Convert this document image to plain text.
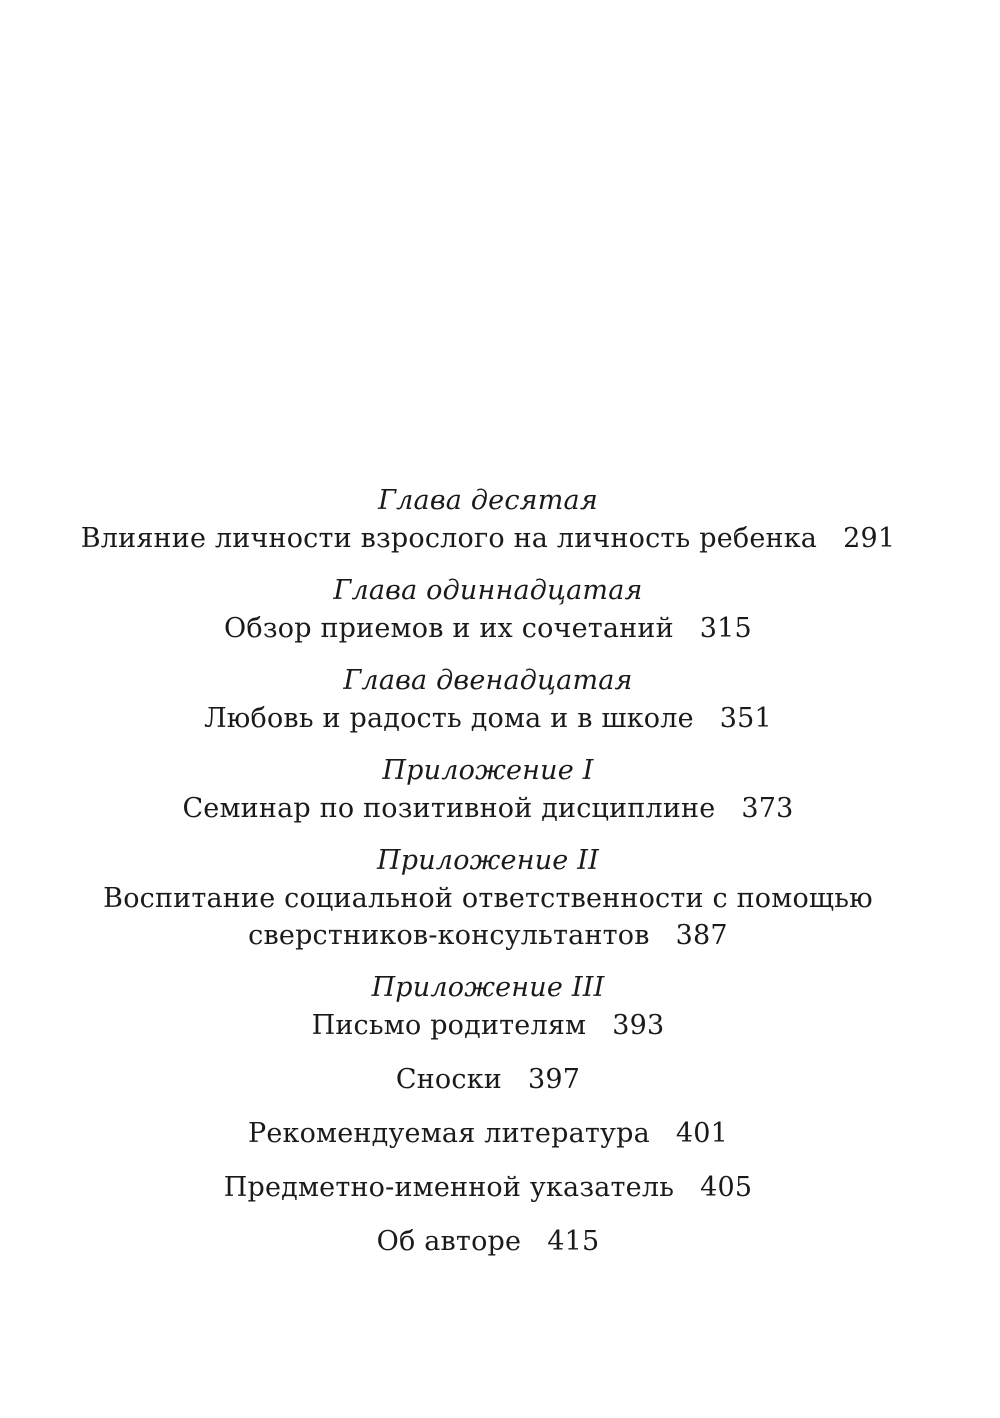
Глава десятая
Влияние личности взрослого на личность ребенка 291
Глава одиннадцатая
Обзор приемов и их сочетаний 315
Глава двенадцатая
Любовь и радость дома и в школе 351
Приложение I
Семинар по позитивной дисциплине 373
Приложение II
Воспитание социальной ответственности с помощью
сверстников-консультантов 387
Приложение III
Письмо родителям 393
Сноски 397
Рекомендуемая литература 401
Предметно-именной указатель 405
Об авторе 415
